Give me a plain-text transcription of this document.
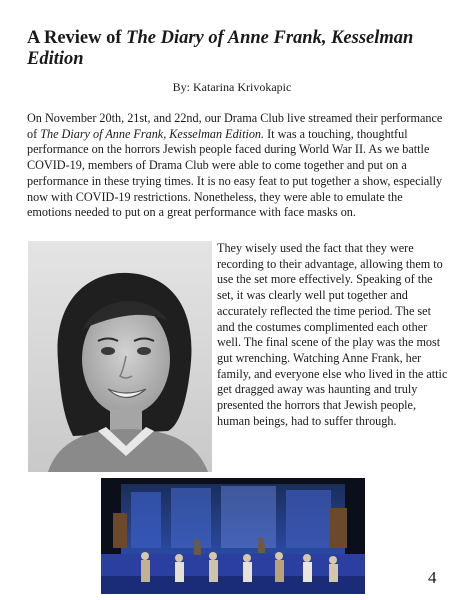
A Review of The Diary of Anne Frank, Kesselman Edition
By: Katarina Krivokapic

On November 20th, 21st, and 22nd, our Drama Club live streamed their performance of The Diary of Anne Frank, Kesselman Edition. It was a touching, thoughtful performance on the horrors Jewish people faced during World War II. As we battle COVID-19, members of Drama Club were able to come together and put on a performance in these trying times. It is no easy feat to put together a show, especially now with COVID-19 restrictions. Nonetheless, they were able to emulate the emotions needed to put on a great performance with face masks on.

They wisely used the fact that they were recording to their advantage, allowing them to use the set more effectively. Speaking of the set, it was clearly well put together and accurately reflected the time period. The set and the costumes complimented each other well. The final scene of the play was the most gut wrenching. Watching Anne Frank, her family, and everyone else who lived in the attic get dragged away was haunting and truly presented the horrors that Jewish people, human beings, had to suffer through.

4
